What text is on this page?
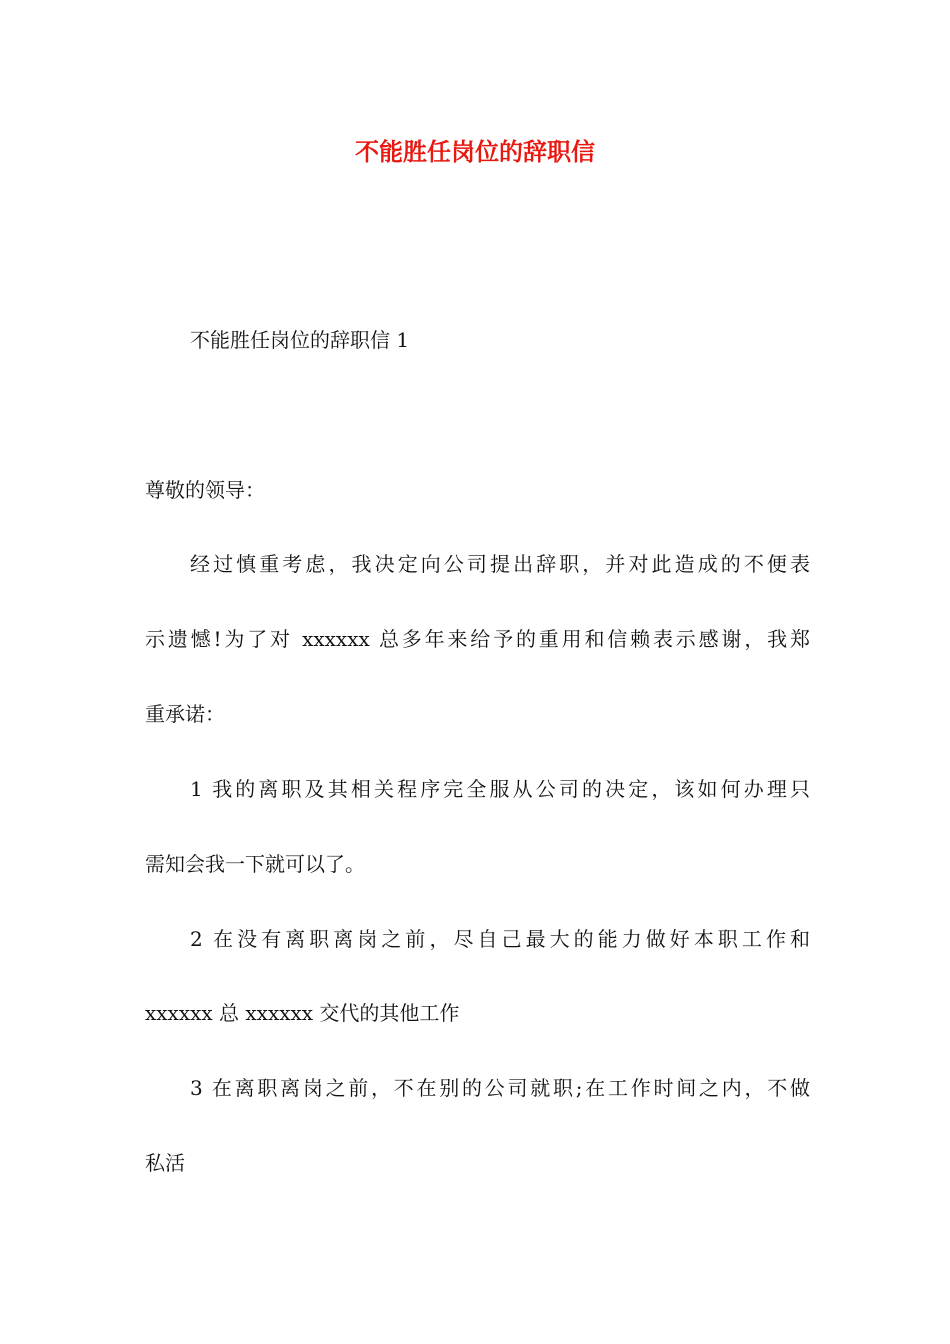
不能胜任岗位的辞职信
不能胜任岗位的辞职信 1
尊敬的领导：
经过慎重考虑，我决定向公司提出辞职，并对此造成的不便表
示遗憾!为了对 xxxxxx 总多年来给予的重用和信赖表示感谢，我郑
重承诺：
1 我的离职及其相关程序完全服从公司的决定，该如何办理只
需知会我一下就可以了。
2 在没有离职离岗之前，尽自己最大的能力做好本职工作和
xxxxxx 总 xxxxxx 交代的其他工作
3 在离职离岗之前，不在别的公司就职;在工作时间之内，不做
私活
